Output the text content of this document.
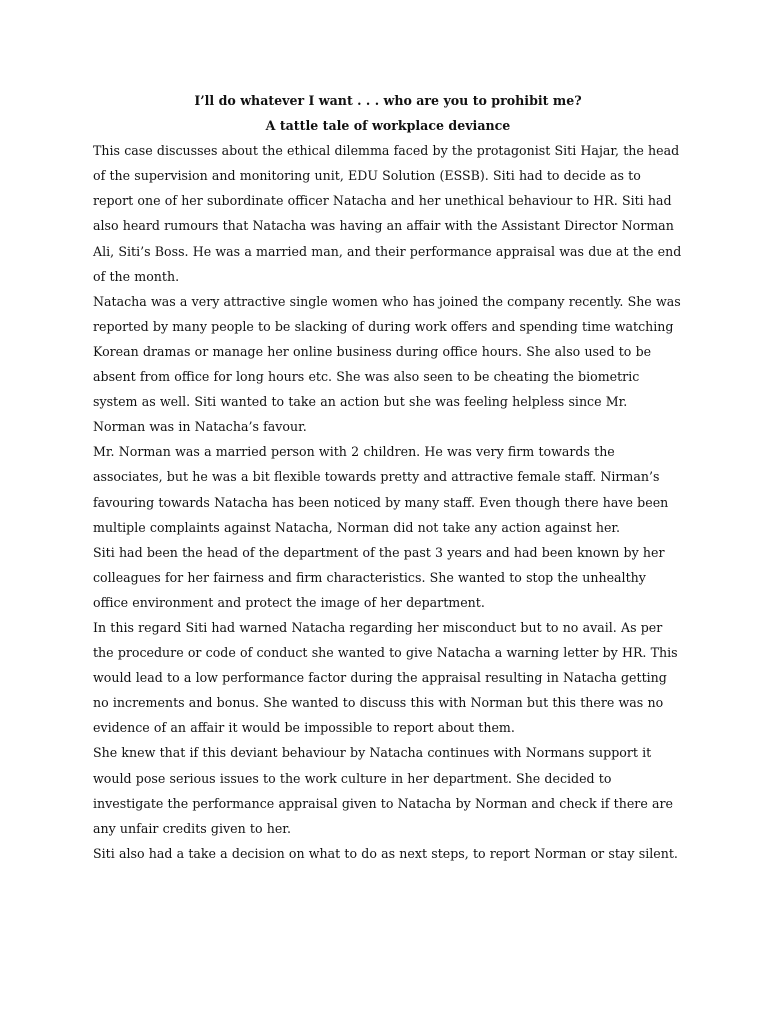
I’ll do whatever I want . . . who are you to prohibit me?

A tattle tale of workplace deviance

This case discusses about the ethical dilemma faced by the protagonist Siti Hajar, the head of the supervision and monitoring unit, EDU Solution (ESSB). Siti had to decide as to report one of her subordinate officer Natacha and her unethical behaviour to HR. Siti had also heard rumours that Natacha was having an affair with the Assistant Director Norman Ali, Siti’s Boss. He was a married man, and their performance appraisal was due at the end of the month.

Natacha was a very attractive single women who has joined the company recently. She was reported by many people to be slacking of during work offers and spending time watching Korean dramas or manage her online business during office hours. She also used to be absent from office for long hours etc. She was also seen to be cheating the biometric system as well. Siti wanted to take an action but she was feeling helpless since Mr. Norman was in Natacha’s favour.

Mr. Norman was a married person with 2 children. He was very firm towards the associates, but he was a bit flexible towards pretty and attractive female staff. Nirman’s favouring towards Natacha has been noticed by many staff. Even though there have been multiple complaints against Natacha, Norman did not take any action against her.

Siti had been the head of the department of the past 3 years and had been known by her colleagues for her fairness and firm characteristics. She wanted to stop the unhealthy office environment and protect the image of her department.

In this regard Siti had warned Natacha regarding her misconduct but to no avail. As per the procedure or code of conduct she wanted to give Natacha a warning letter by HR. This would lead to a low performance factor during the appraisal resulting in Natacha getting no increments and bonus. She wanted to discuss this with Norman but this there was no evidence of an affair it would be impossible to report about them.

She knew that if this deviant behaviour by Natacha continues with Normans support it would pose serious issues to the work culture in her department. She decided to investigate the performance appraisal given to Natacha by Norman and check if there are any unfair credits given to her.

Siti also had a take a decision on what to do as next steps, to report Norman or stay silent.
